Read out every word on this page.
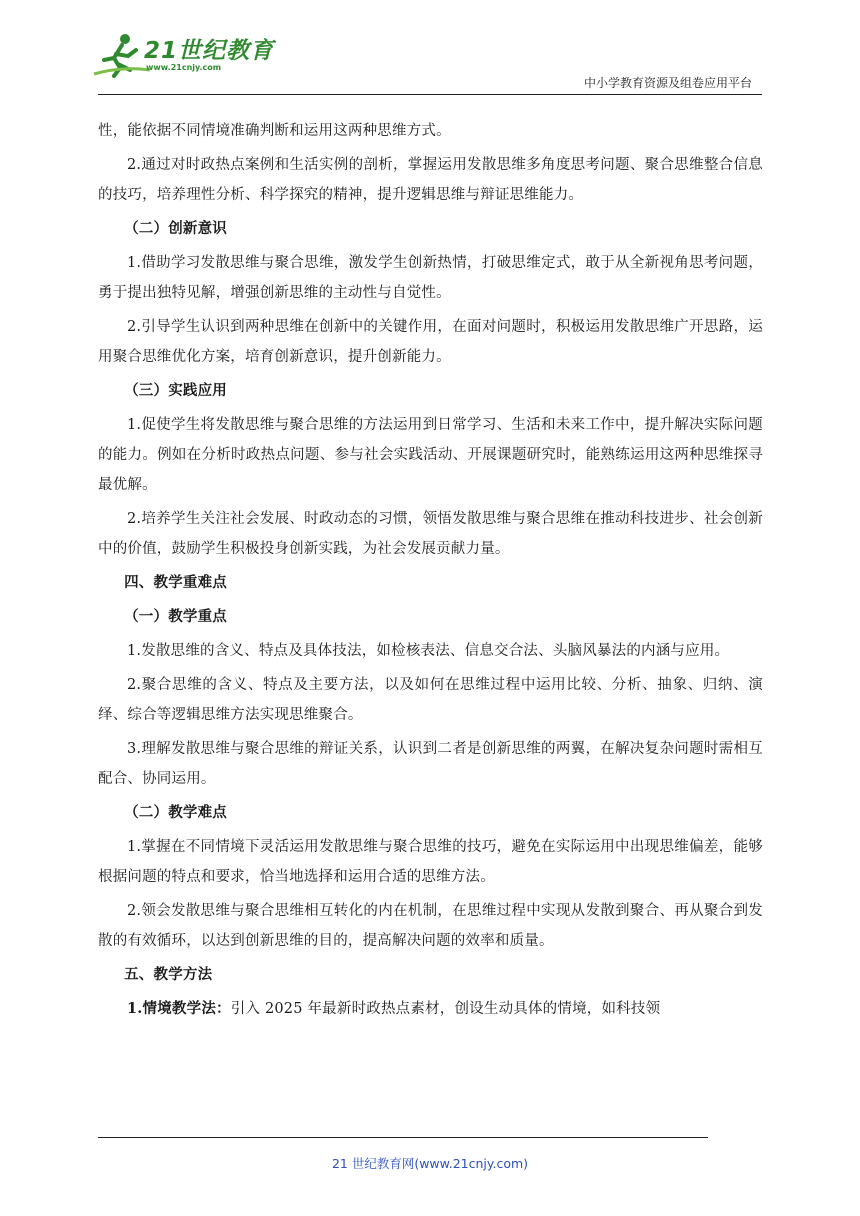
21世纪教育
www.21cnjy.com
中小学教育资源及组卷应用平台

性，能依据不同情境准确判断和运用这两种思维方式。

2.通过对时政热点案例和生活实例的剖析，掌握运用发散思维多角度思考问题、聚合思维整合信息的技巧，培养理性分析、科学探究的精神，提升逻辑思维与辩证思维能力。

（二）创新意识

1.借助学习发散思维与聚合思维，激发学生创新热情，打破思维定式，敢于从全新视角思考问题，勇于提出独特见解，增强创新思维的主动性与自觉性。

2.引导学生认识到两种思维在创新中的关键作用，在面对问题时，积极运用发散思维广开思路，运用聚合思维优化方案，培育创新意识，提升创新能力。

（三）实践应用

1.促使学生将发散思维与聚合思维的方法运用到日常学习、生活和未来工作中，提升解决实际问题的能力。例如在分析时政热点问题、参与社会实践活动、开展课题研究时，能熟练运用这两种思维探寻最优解。

2.培养学生关注社会发展、时政动态的习惯，领悟发散思维与聚合思维在推动科技进步、社会创新中的价值，鼓励学生积极投身创新实践，为社会发展贡献力量。

四、教学重难点

（一）教学重点

1.发散思维的含义、特点及具体技法，如检核表法、信息交合法、头脑风暴法的内涵与应用。

2.聚合思维的含义、特点及主要方法，以及如何在思维过程中运用比较、分析、抽象、归纳、演绎、综合等逻辑思维方法实现思维聚合。

3.理解发散思维与聚合思维的辩证关系，认识到二者是创新思维的两翼，在解决复杂问题时需相互配合、协同运用。

（二）教学难点

1.掌握在不同情境下灵活运用发散思维与聚合思维的技巧，避免在实际运用中出现思维偏差，能够根据问题的特点和要求，恰当地选择和运用合适的思维方法。

2.领会发散思维与聚合思维相互转化的内在机制，在思维过程中实现从发散到聚合、再从聚合到发散的有效循环，以达到创新思维的目的，提高解决问题的效率和质量。

五、教学方法

1.情境教学法：引入 2025 年最新时政热点素材，创设生动具体的情境，如科技领

21 世纪教育网(www.21cnjy.com)
